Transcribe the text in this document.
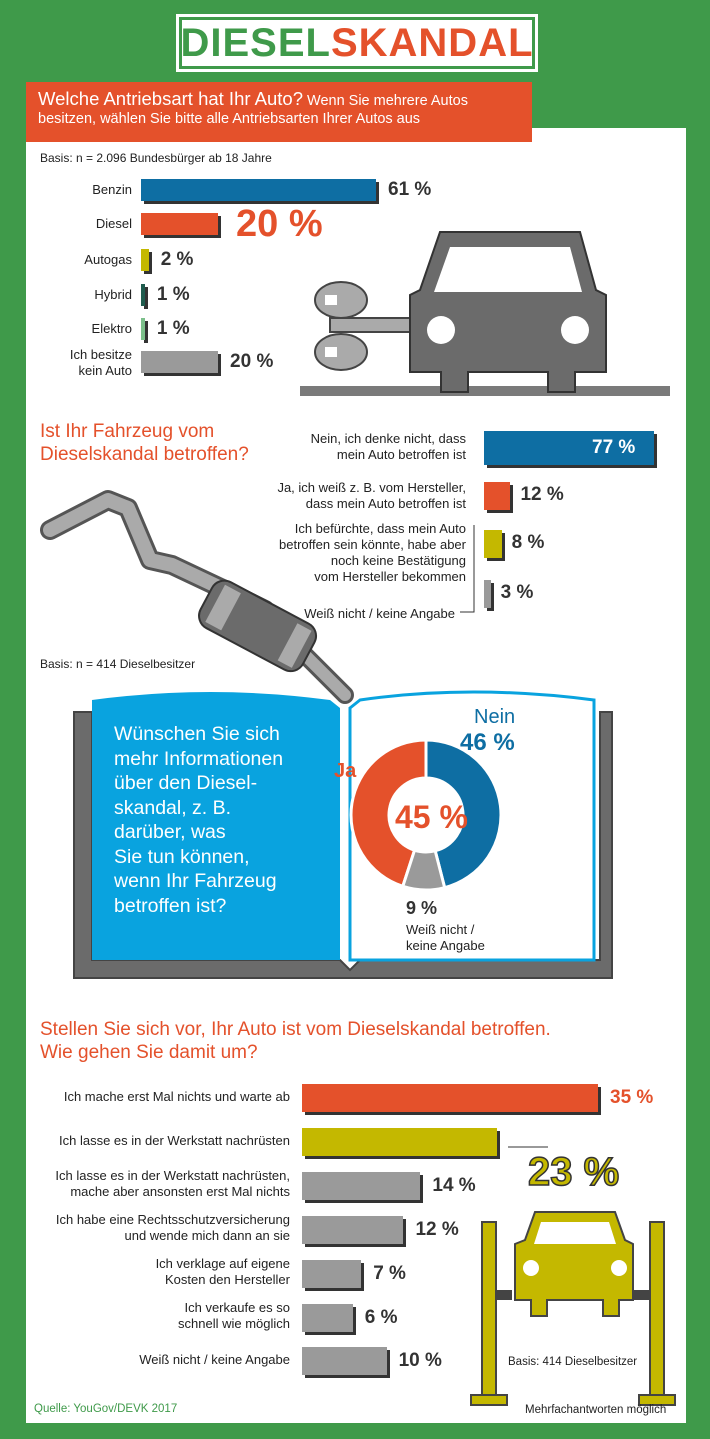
DIESEL SKANDAL
Welche Antriebsart hat Ihr Auto? Wenn Sie mehrere Autos
besitzen, wählen Sie bitte alle Antriebsarten Ihrer Autos aus
Basis: n = 2.096 Bundesbürger ab 18 Jahre
Benzin	61 %
Diesel	20 %
Autogas 2 %
Hybrid 1 %
Elektro 1 %
Ich besitze
kein Auto	20 %
Ist Ihr Fahrzeug vom
Dieselskandal betroffen?
Nein, ich denke nicht, dass
mein Auto betroffen ist	77 %
Ja, ich weiß z. B. vom Hersteller,
dass mein Auto betroffen ist	12 %
Ich befürchte, dass mein Auto
betroffen sein könnte, habe aber
noch keine Bestätigung
vom Hersteller bekommen
8 %
Weiß nicht / keine Angabe
3 %
Basis: n = 414 Dieselbesitzer
Wünschen Sie sich
mehr Informationen
über den Diesel-
skandal, z. B.
darüber, was
Sie tun können,
wenn Ihr Fahrzeug
betroffen ist?
Nein
46 %
Ja
45 %
9 %
Weiß nicht /
keine Angabe
Stellen Sie sich vor, Ihr Auto ist vom Dieselskandal betroffen.
Wie gehen Sie damit um?
Ich mache erst Mal nichts und warte ab	35 %
Ich lasse es in der Werkstatt nachrüsten
23 %
Ich lasse es in der Werkstatt nachrüsten,
mache aber ansonsten erst Mal nichts	14 %
Ich habe eine Rechtsschutzversicherung
und wende mich dann an sie	12 %
Ich verklage auf eigene
Kosten den Hersteller	7 %
Ich verkaufe es so
schnell wie möglich	6 %
Weiß nicht / keine Angabe	10 %	Basis: 414 Dieselbesitzer
Quelle: YouGov/DEVK 2017	Mehrfachantworten möglich
